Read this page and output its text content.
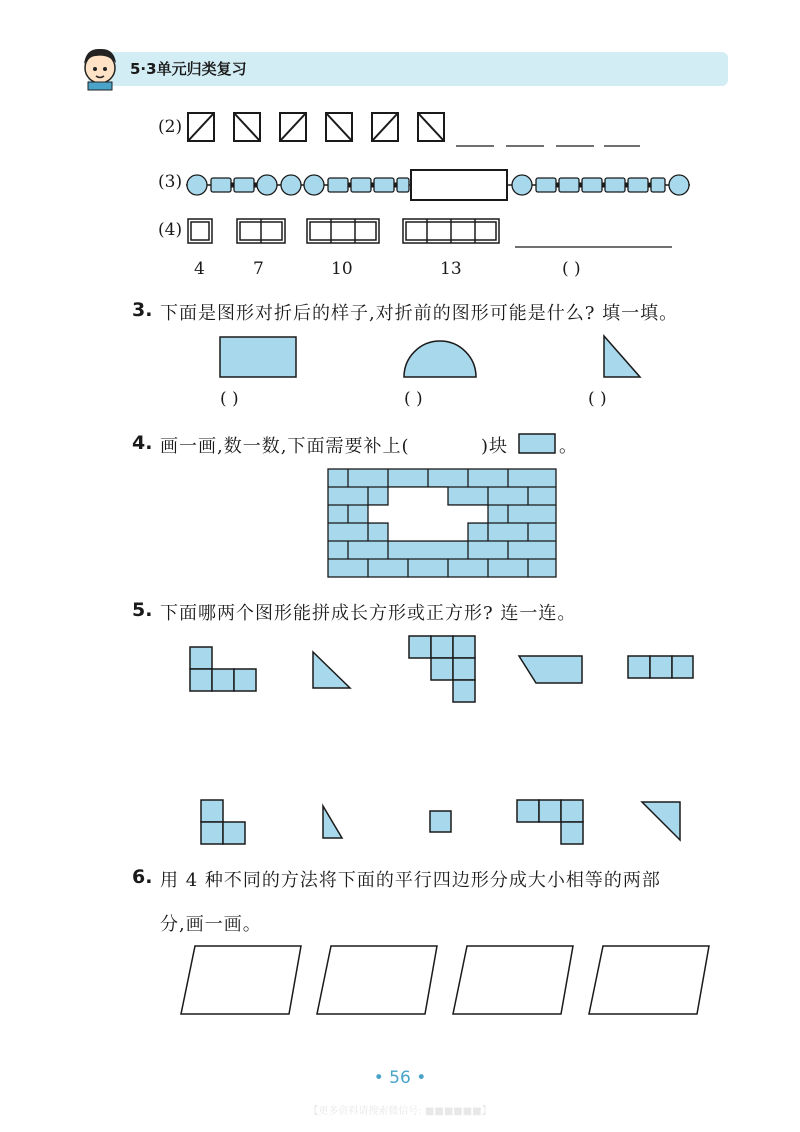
5·3单元归类复习
(2)
(3)
(4)
4	7	10	13	( )
3. 下面是图形对折后的样子,对折前的图形可能是什么? 填一填。
( )	( )	( )
4. 画一画,数一数,下面需要补上(	)块	。
5. 下面哪两个图形能拼成长方形或正方形? 连一连。
6. 用 4 种不同的方法将下面的平行四边形分成大小相等的两部
分,画一画。
• 56 •
【更多资料请搜索微信号: ■■■■■■】
